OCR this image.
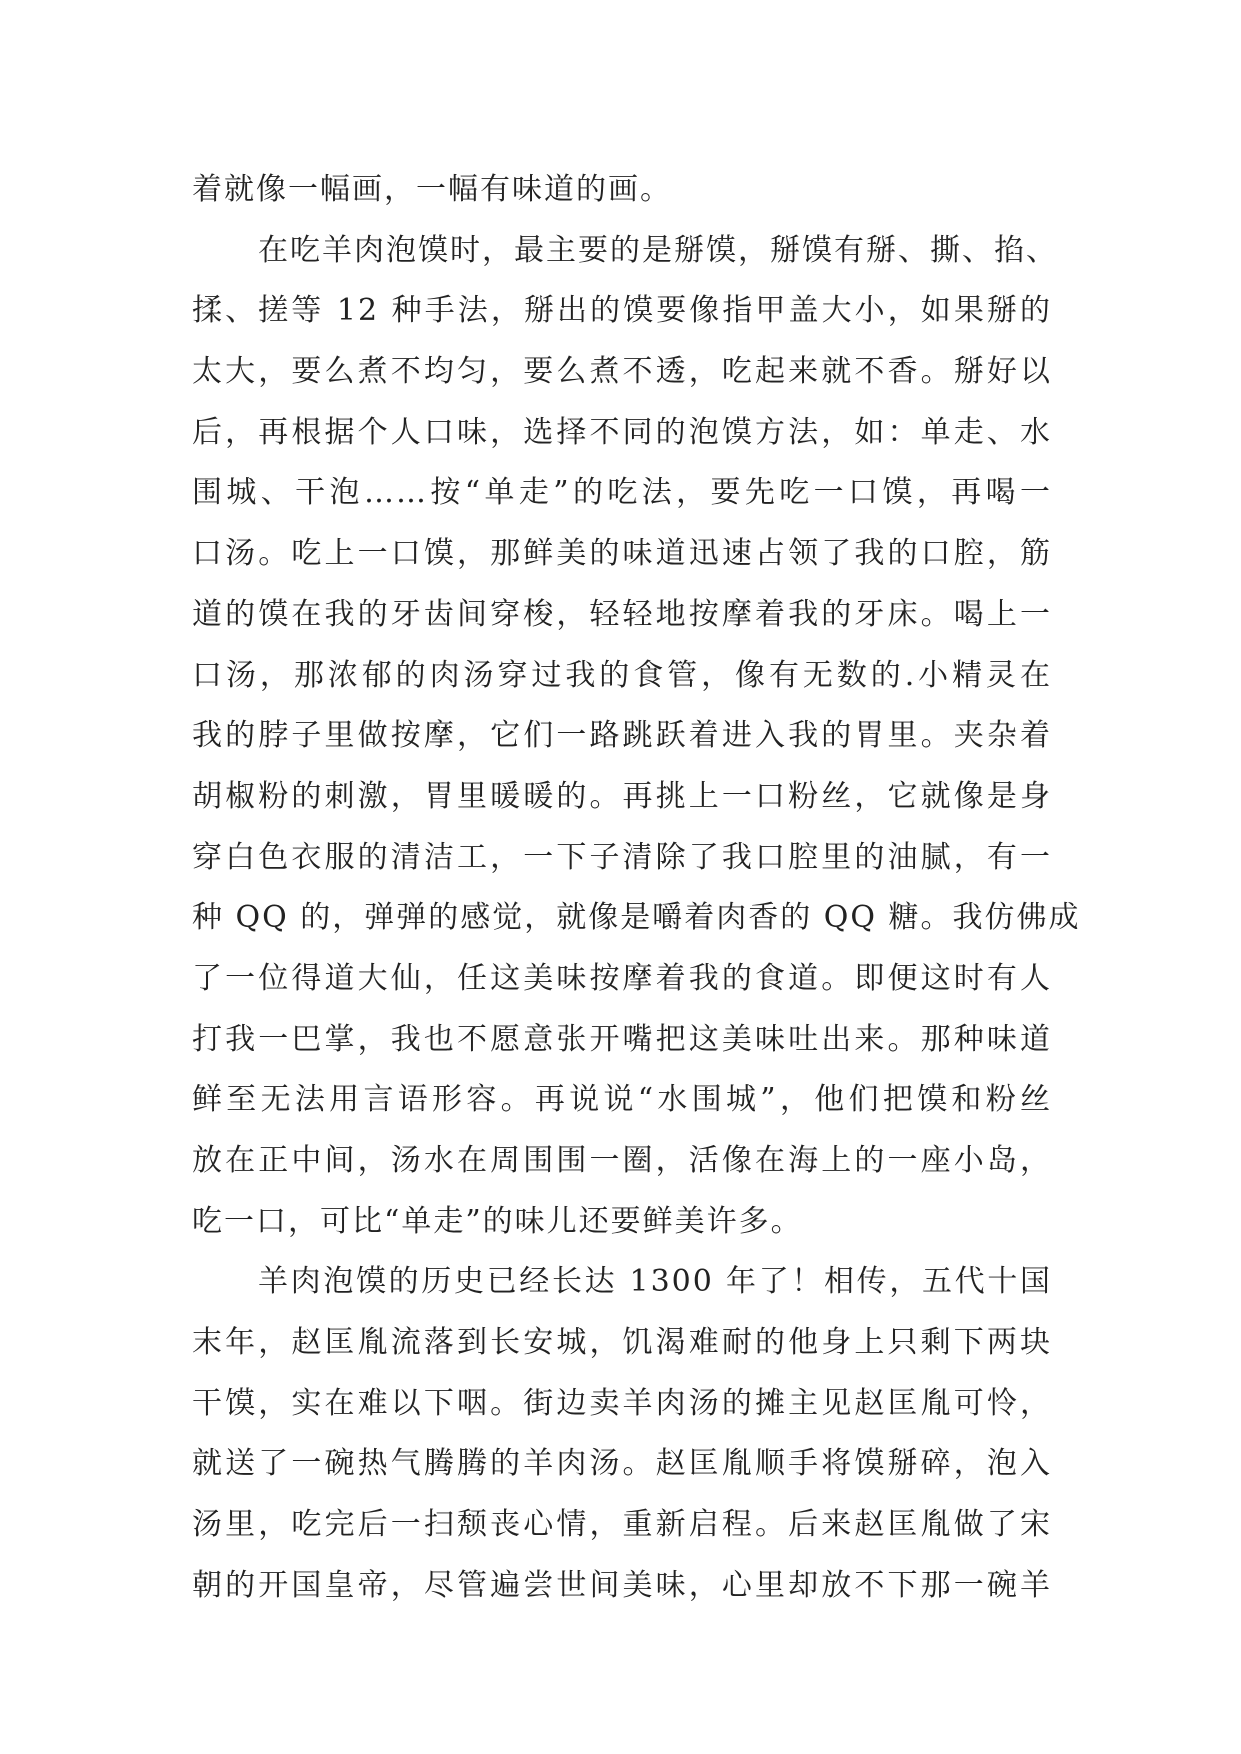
着就像一幅画，一幅有味道的画。
在吃羊肉泡馍时，最主要的是掰馍，掰馍有掰、撕、掐、
揉、搓等 12 种手法，掰出的馍要像指甲盖大小，如果掰的
太大，要么煮不均匀，要么煮不透，吃起来就不香。掰好以
后，再根据个人口味，选择不同的泡馍方法，如：单走、水
围城、干泡……按“单走”的吃法，要先吃一口馍，再喝一
口汤。吃上一口馍，那鲜美的味道迅速占领了我的口腔，筋
道的馍在我的牙齿间穿梭，轻轻地按摩着我的牙床。喝上一
口汤，那浓郁的肉汤穿过我的食管，像有无数的.小精灵在
我的脖子里做按摩，它们一路跳跃着进入我的胃里。夹杂着
胡椒粉的刺激，胃里暖暖的。再挑上一口粉丝，它就像是身
穿白色衣服的清洁工，一下子清除了我口腔里的油腻，有一
种 QQ 的，弹弹的感觉，就像是嚼着肉香的 QQ 糖。我仿佛成
了一位得道大仙，任这美味按摩着我的食道。即便这时有人
打我一巴掌，我也不愿意张开嘴把这美味吐出来。那种味道
鲜至无法用言语形容。再说说“水围城”，他们把馍和粉丝
放在正中间，汤水在周围围一圈，活像在海上的一座小岛，
吃一口，可比“单走”的味儿还要鲜美许多。
羊肉泡馍的历史已经长达 1300 年了！相传，五代十国
末年，赵匡胤流落到长安城，饥渴难耐的他身上只剩下两块
干馍，实在难以下咽。街边卖羊肉汤的摊主见赵匡胤可怜，
就送了一碗热气腾腾的羊肉汤。赵匡胤顺手将馍掰碎，泡入
汤里，吃完后一扫颓丧心情，重新启程。后来赵匡胤做了宋
朝的开国皇帝，尽管遍尝世间美味，心里却放不下那一碗羊
